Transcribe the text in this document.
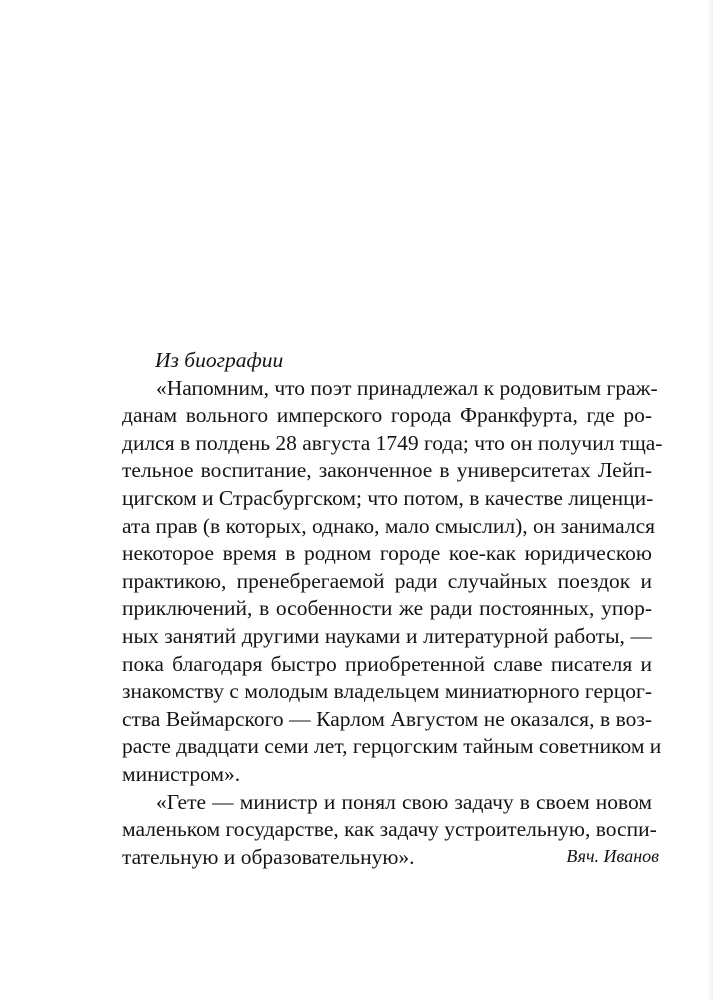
Из биографии
«Напомним, что поэт принадлежал к родовитым граж-
данам вольного имперского города Франкфурта, где ро-
дился в полдень 28 августа 1749 года; что он получил тща-
тельное воспитание, законченное в университетах Лейп-
цигском и Страсбургском; что потом, в качестве лиценци-
ата прав (в которых, однако, мало смыслил), он занимался
некоторое время в родном городе кое-как юридическою
практикою, пренебрегаемой ради случайных поездок и
приключений, в особенности же ради постоянных, упор-
ных занятий другими науками и литературной работы, —
пока благодаря быстро приобретенной славе писателя и
знакомству с молодым владельцем миниатюрного герцог-
ства Веймарского — Карлом Августом не оказался, в воз-
расте двадцати семи лет, герцогским тайным советником и
министром».
«Гете — министр и понял свою задачу в своем новом
маленьком государстве, как задачу устроительную, воспи-
тательную и образовательную».	Вяч. Иванов
